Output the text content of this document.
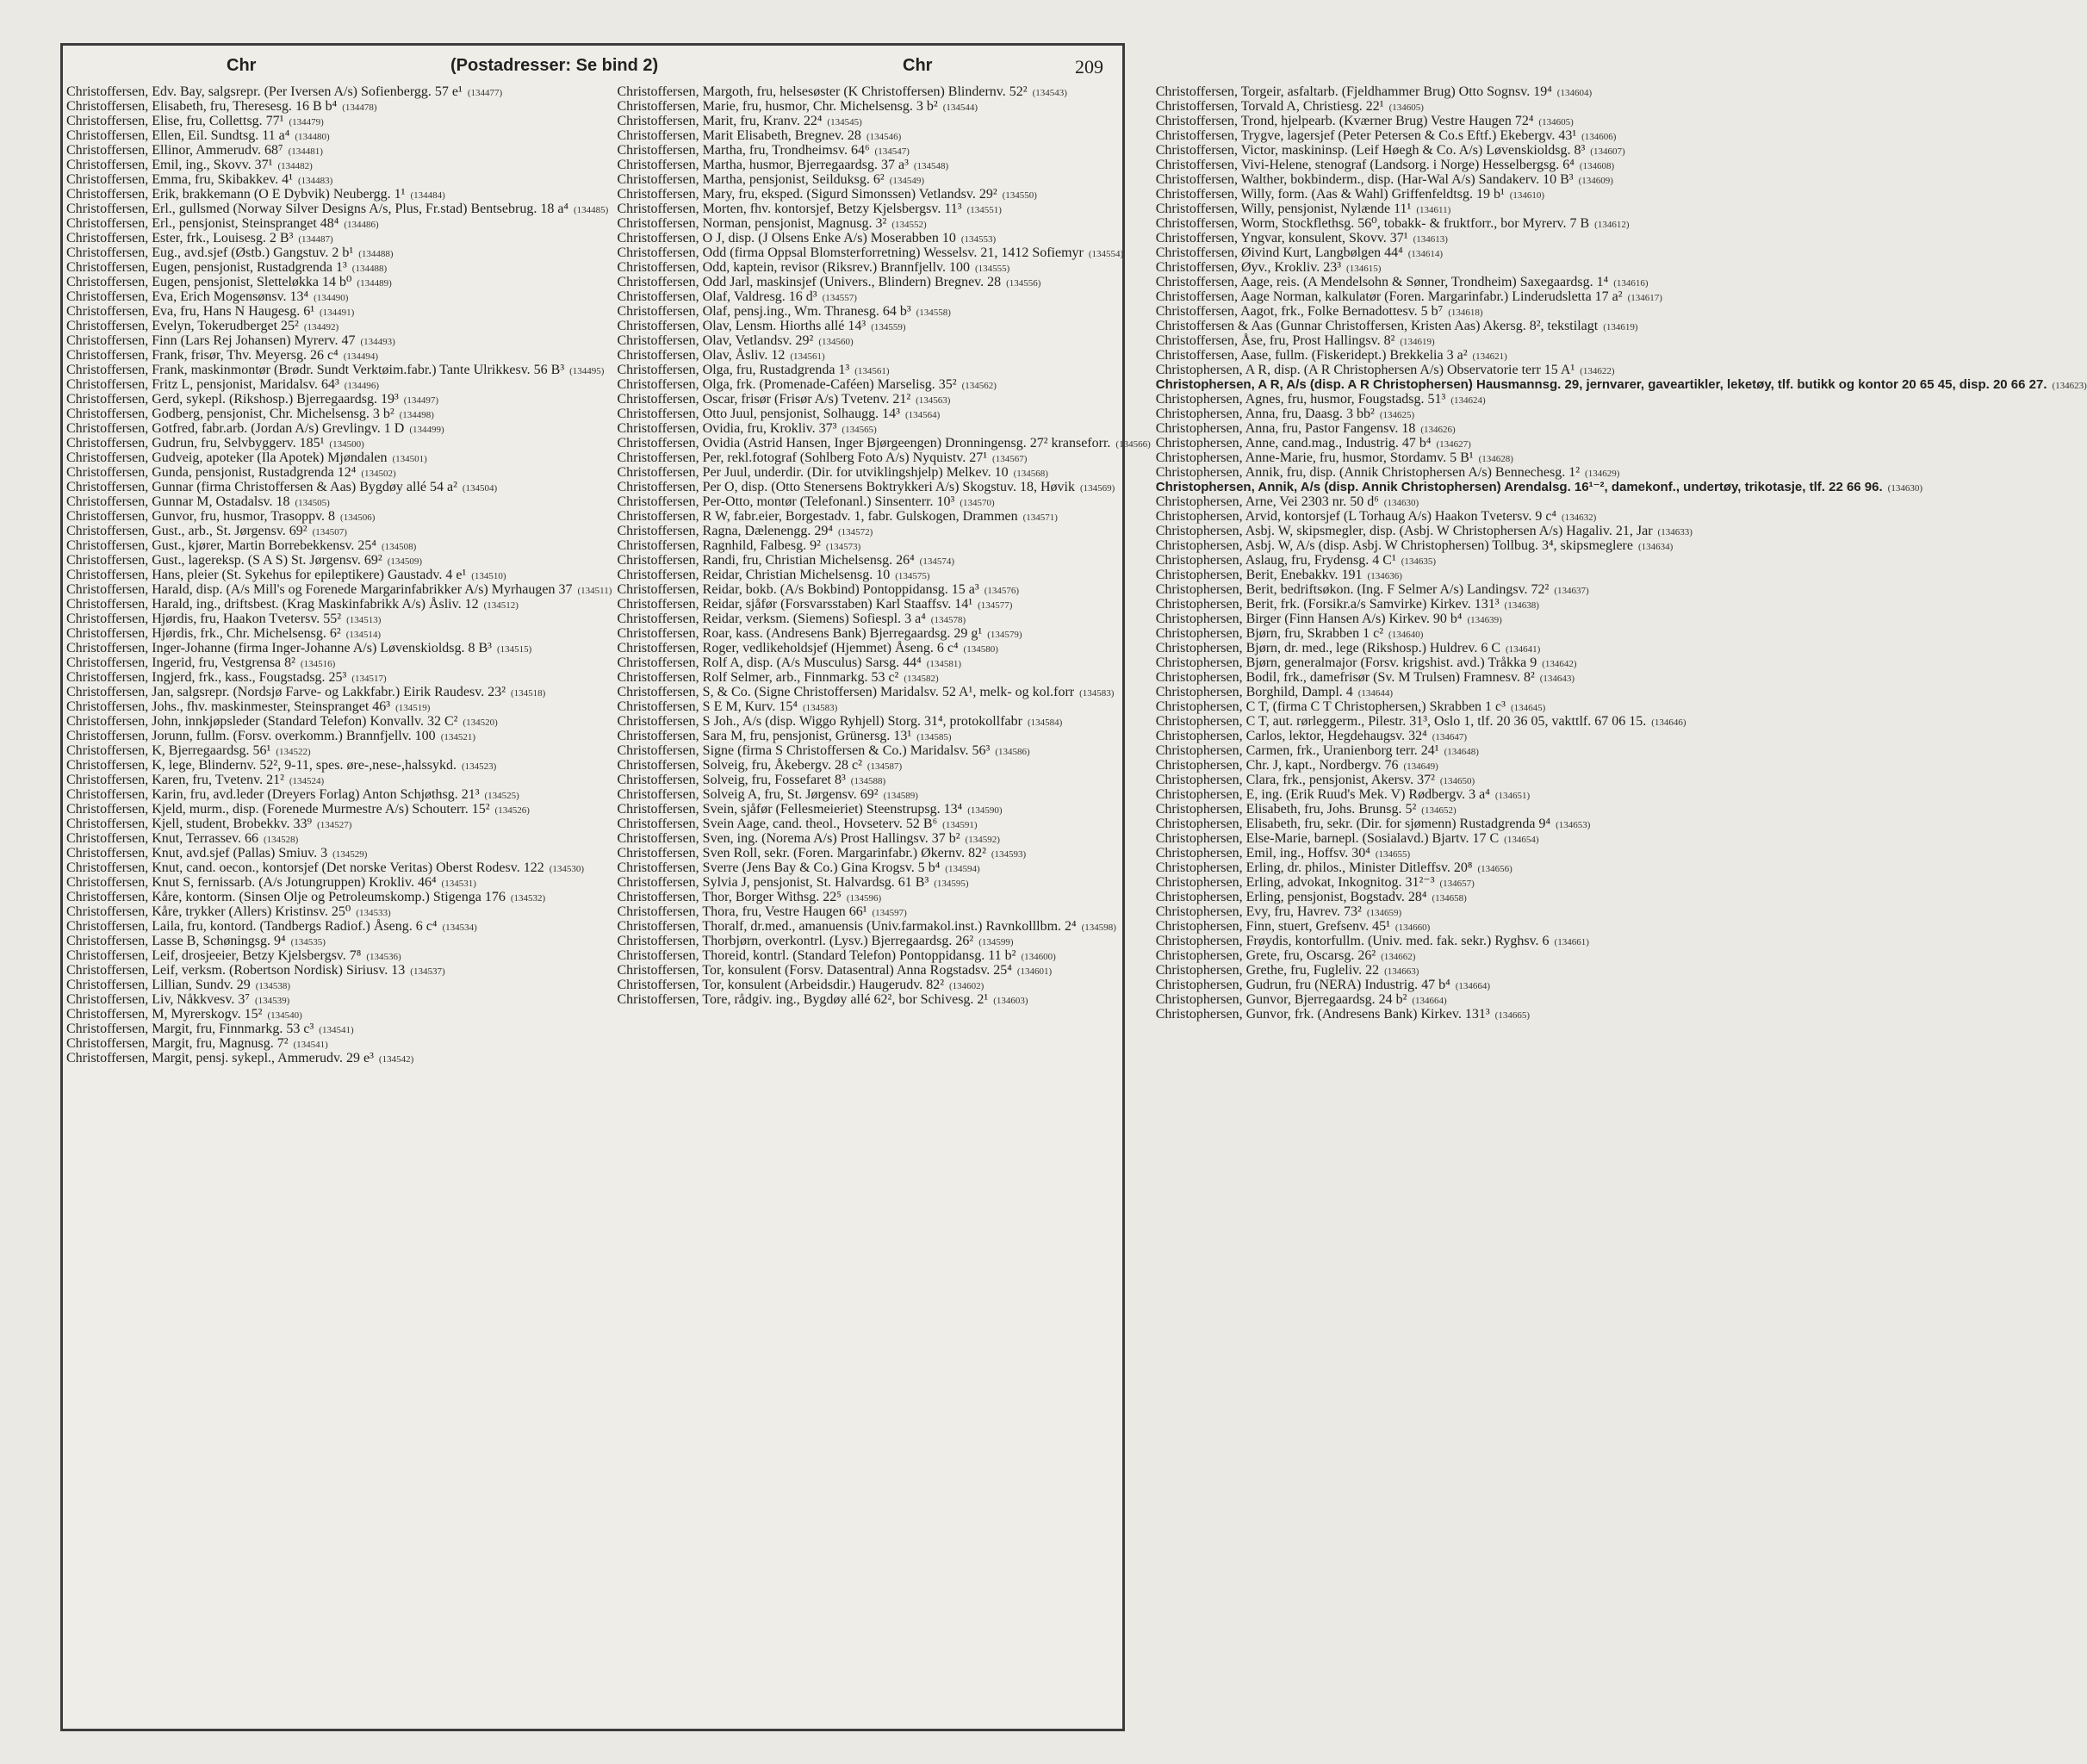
Chr	(Postadresser: Se bind 2)	Chr	209
Christoffersen, Edv. Bay, salgsrepr. (Per Iversen A/s) Sofienbergg. 57 e¹ (134477)
Christoffersen, Elisabeth, fru, Theresesg. 16 B b⁴ (134478)
Christoffersen, Elise, fru, Collettsg. 77¹ (134479)
Christoffersen, Ellen, Eil. Sundtsg. 11 a⁴ (134480)
Christoffersen, Ellinor, Ammerudv. 68⁷ (134481)
Christoffersen, Emil, ing., Skovv. 37¹ (134482)
Christoffersen, Emma, fru, Skibakkev. 4¹ (134483)
Christoffersen, Erik, brakkemann (O E Dybvik) Neubergg. 1¹ (134484)
Christoffersen, Erl., gullsmed (Norway Silver Designs A/s, Plus, Fr.stad) Bentsebrug. 18 a⁴ (134485)
Christoffersen, Erl., pensjonist, Steinspranget 48⁴ (134486)
Christoffersen, Ester, frk., Louisesg. 2 B³ (134487)
Christoffersen, Eug., avd.sjef (Østb.) Gangstuv. 2 b¹ (134488)
Christoffersen, Eugen, pensjonist, Rustadgrenda 1³ (134488)
Christoffersen, Eugen, pensjonist, Sletteløkka 14 b⁰ (134489)
Christoffersen, Eva, Erich Mogensønsv. 13⁴ (134490)
Christoffersen, Eva, fru, Hans N Haugesg. 6¹ (134491)
Christoffersen, Evelyn, Tokerudberget 25² (134492)
Christoffersen, Finn (Lars Rej Johansen) Myrerv. 47 (134493)
Christoffersen, Frank, frisør, Thv. Meyersg. 26 c⁴ (134494)
Christoffersen, Frank, maskinmontør (Brødr. Sundt Verktøim.fabr.) Tante Ulrikkesv. 56 B³ (134495)
Christoffersen, Fritz L, pensjonist, Maridalsv. 64³ (134496)
Christoffersen, Gerd, sykepl. (Rikshosp.) Bjerregaardsg. 19³ (134497)
Christoffersen, Godberg, pensjonist, Chr. Michelsensg. 3 b² (134498)
Christoffersen, Gotfred, fabr.arb. (Jordan A/s) Grevlingv. 1 D (134499)
Christoffersen, Gudrun, fru, Selvbyggerv. 185¹ (134500)
Christoffersen, Gudveig, apoteker (Ila Apotek) Mjøndalen (134501)
Christoffersen, Gunda, pensjonist, Rustadgrenda 12⁴ (134502)
Christoffersen, Gunnar (firma Christoffersen & Aas) Bygdøy allé 54 a² (134504)
Christoffersen, Gunnar M, Ostadalsv. 18 (134505)
Christoffersen, Gunvor, fru, husmor, Trasoppv. 8 (134506)
Christoffersen, Gust., arb., St. Jørgensv. 69² (134507)
Christoffersen, Gust., kjører, Martin Borrebekkensv. 25⁴ (134508)
Christoffersen, Gust., lagereksp. (S A S) St. Jørgensv. 69² (134509)
Christoffersen, Hans, pleier (St. Sykehus for epileptikere) Gaustadv. 4 e¹ (134510)
Christoffersen, Harald, disp. (A/s Mill's og Forenede Margarinfabrikker A/s) Myrhaugen 37 (134511)
Christoffersen, Harald, ing., driftsbest. (Krag Maskinfabrikk A/s) Åsliv. 12 (134512)
Christoffersen, Hjørdis, fru, Haakon Tvetersv. 55² (134513)
Christoffersen, Hjørdis, frk., Chr. Michelsensg. 6² (134514)
Christoffersen, Inger-Johanne (firma Inger-Johanne A/s) Løvenskioldsg. 8 B³ (134515)
Christoffersen, Ingerid, fru, Vestgrensa 8² (134516)
Christoffersen, Ingjerd, frk., kass., Fougstadsg. 25³ (134517)
Christoffersen, Jan, salgsrepr. (Nordsjø Farve- og Lakkfabr.) Eirik Raudesv. 23² (134518)
Christoffersen, Johs., fhv. maskinmester, Steinspranget 46³ (134519)
Christoffersen, John, innkjøpsleder (Standard Telefon) Konvallv. 32 C² (134520)
Christoffersen, Jorunn, fullm. (Forsv. overkomm.) Brannfjellv. 100 (134521)
Christoffersen, K, Bjerregaardsg. 56¹ (134522)
Christoffersen, K, lege, Blindernv. 52², 9-11, spes. øre-,nese-,halssykd. (134523)
Christoffersen, Karen, fru, Tvetenv. 21² (134524)
Christoffersen, Karin, fru, avd.leder (Dreyers Forlag) Anton Schjøthsg. 21³ (134525)
Christoffersen, Kjeld, murm., disp. (Forenede Murmestre A/s) Schouterr. 15² (134526)
Christoffersen, Kjell, student, Brobekkv. 33⁹ (134527)
Christoffersen, Knut, Terrassev. 66 (134528)
Christoffersen, Knut, avd.sjef (Pallas) Smiuv. 3 (134529)
Christoffersen, Knut, cand. oecon., kontorsjef (Det norske Veritas) Oberst Rodesv. 122 (134530)
Christoffersen, Knut S, fernissarb. (A/s Jotungruppen) Krokliv. 46⁴ (134531)
Christoffersen, Kåre, kontorm. (Sinsen Olje og Petroleumskomp.) Stigenga 176 (134532)
Christoffersen, Kåre, trykker (Allers) Kristinsv. 25⁰ (134533)
Christoffersen, Laila, fru, kontord. (Tandbergs Radiof.) Åseng. 6 c⁴ (134534)
Christoffersen, Lasse B, Schøningsg. 9⁴ (134535)
Christoffersen, Leif, drosjeeier, Betzy Kjelsbergsv. 7⁸ (134536)
Christoffersen, Leif, verksm. (Robertson Nordisk) Siriusv. 13 (134537)
Christoffersen, Lillian, Sundv. 29 (134538)
Christoffersen, Liv, Nåkkvesv. 3⁷ (134539)
Christoffersen, M, Myrerskogv. 15² (134540)
Christoffersen, Margit, fru, Finnmarkg. 53 c³ (134541)
Christoffersen, Margit, fru, Magnusg. 7² (134541)
Christoffersen, Margit, pensj. sykepl., Ammerudv. 29 e³ (134542)
Christoffersen, Margoth, fru, helsesøster (K Christoffersen) Blindernv. 52² (134543)
Christoffersen, Marie, fru, husmor, Chr. Michelsensg. 3 b² (134544)
Christoffersen, Marit, fru, Kranv. 22⁴ (134545)
Christoffersen, Marit Elisabeth, Bregnev. 28 (134546)
Christoffersen, Martha, fru, Trondheimsv. 64⁶ (134547)
Christoffersen, Martha, husmor, Bjerregaardsg. 37 a³ (134548)
Christoffersen, Martha, pensjonist, Seilduksg. 6² (134549)
Christoffersen, Mary, fru, eksped. (Sigurd Simonssen) Vetlandsv. 29² (134550)
Christoffersen, Morten, fhv. kontorsjef, Betzy Kjelsbergsv. 11³ (134551)
Christoffersen, Norman, pensjonist, Magnusg. 3² (134552)
Christoffersen, O J, disp. (J Olsens Enke A/s) Moserabben 10 (134553)
Christoffersen, Odd (firma Oppsal Blomsterforretning) Wesselsv. 21, 1412 Sofiemyr (134554)
Christoffersen, Odd, kaptein, revisor (Riksrev.) Brannfjellv. 100 (134555)
Christoffersen, Odd Jarl, maskinsjef (Univers., Blindern) Bregnev. 28 (134556)
Christoffersen, Olaf, Valdresg. 16 d³ (134557)
Christoffersen, Olaf, pensj.ing., Wm. Thranesg. 64 b³ (134558)
Christoffersen, Olav, Lensm. Hiorths allé 14³ (134559)
Christoffersen, Olav, Vetlandsv. 29² (134560)
Christoffersen, Olav, Åsliv. 12 (134561)
Christoffersen, Olga, fru, Rustadgrenda 1³ (134561)
Christoffersen, Olga, frk. (Promenade-Caféen) Marselisg. 35² (134562)
Christoffersen, Oscar, frisør (Frisør A/s) Tvetenv. 21² (134563)
Christoffersen, Otto Juul, pensjonist, Solhaugg. 14³ (134564)
Christoffersen, Ovidia, fru, Krokliv. 37³ (134565)
Christoffersen, Ovidia (Astrid Hansen, Inger Bjørgeengen) Dronningensg. 27² kranseforr. (134566)
Christoffersen, Per, rekl.fotograf (Sohlberg Foto A/s) Nyquistv. 27¹ (134567)
Christoffersen, Per Juul, underdir. (Dir. for utviklingshjelp) Melkev. 10 (134568)
Christoffersen, Per O, disp. (Otto Stenersens Boktrykkeri A/s) Skogstuv. 18, Høvik (134569)
Christoffersen, Per-Otto, montør (Telefonanl.) Sinsenterr. 10³ (134570)
Christoffersen, R W, fabr.eier, Borgestadv. 1, fabr. Gulskogen, Drammen (134571)
Christoffersen, Ragna, Dælenengg. 29⁴ (134572)
Christoffersen, Ragnhild, Falbesg. 9² (134573)
Christoffersen, Randi, fru, Christian Michelsensg. 26⁴ (134574)
Christoffersen, Reidar, Christian Michelsensg. 10 (134575)
Christoffersen, Reidar, bokb. (A/s Bokbind) Pontoppidansg. 15 a³ (134576)
Christoffersen, Reidar, sjåfør (Forsvarsstaben) Karl Staaffsv. 14¹ (134577)
Christoffersen, Reidar, verksm. (Siemens) Sofiespl. 3 a⁴ (134578)
Christoffersen, Roar, kass. (Andresens Bank) Bjerregaardsg. 29 g¹ (134579)
Christoffersen, Roger, vedlikeholdsjef (Hjemmet) Åseng. 6 c⁴ (134580)
Christoffersen, Rolf A, disp. (A/s Musculus) Sarsg. 44⁴ (134581)
Christoffersen, Rolf Selmer, arb., Finnmarkg. 53 c² (134582)
Christoffersen, S, & Co. (Signe Christoffersen) Maridalsv. 52 A¹, melk- og kol.forr (134583)
Christoffersen, S E M, Kurv. 15⁴ (134583)
Christoffersen, S Joh., A/s (disp. Wiggo Ryhjell) Storg. 31⁴, protokollfabr (134584)
Christoffersen, Sara M, fru, pensjonist, Grünersg. 13¹ (134585)
Christoffersen, Signe (firma S Christoffersen & Co.) Maridalsv. 56³ (134586)
Christoffersen, Solveig, fru, Åkebergv. 28 c² (134587)
Christoffersen, Solveig, fru, Fossefaret 8³ (134588)
Christoffersen, Solveig A, fru, St. Jørgensv. 69² (134589)
Christoffersen, Svein, sjåfør (Fellesmeieriet) Steenstrupsg. 13⁴ (134590)
Christoffersen, Svein Aage, cand. theol., Hovseterv. 52 B⁶ (134591)
Christoffersen, Sven, ing. (Norema A/s) Prost Hallingsv. 37 b² (134592)
Christoffersen, Sven Roll, sekr. (Foren. Margarinfabr.) Økernv. 82² (134593)
Christoffersen, Sverre (Jens Bay & Co.) Gina Krogsv. 5 b⁴ (134594)
Christoffersen, Sylvia J, pensjonist, St. Halvardsg. 61 B³ (134595)
Christoffersen, Thor, Borger Withsg. 22⁵ (134596)
Christoffersen, Thora, fru, Vestre Haugen 66¹ (134597)
Christoffersen, Thoralf, dr.med., amanuensis (Univ.farmakol.inst.) Ravnkolllbm. 2⁴ (134598)
Christoffersen, Thorbjørn, overkontrl. (Lysv.) Bjerregaardsg. 26² (134599)
Christoffersen, Thoreid, kontrl. (Standard Telefon) Pontoppidansg. 11 b² (134600)
Christoffersen, Tor, konsulent (Forsv. Datasentral) Anna Rogstadsv. 25⁴ (134601)
Christoffersen, Tor, konsulent (Arbeidsdir.) Haugerudv. 82² (134602)
Christoffersen, Tore, rådgiv. ing., Bygdøy allé 62², bor Schivesg. 2¹ (134603)
Christoffersen, Torgeir, asfaltarb. (Fjeldhammer Brug) Otto Sognsv. 19⁴ (134604)
Christoffersen, Torvald A, Christiesg. 22¹ (134605)
Christoffersen, Trond, hjelpearb. (Kværner Brug) Vestre Haugen 72⁴ (134605)
Christoffersen, Trygve, lagersjef (Peter Petersen & Co.s Eftf.) Ekebergv. 43¹ (134606)
Christoffersen, Victor, maskininsp. (Leif Høegh & Co. A/s) Løvenskioldsg. 8³ (134607)
Christoffersen, Vivi-Helene, stenograf (Landsorg. i Norge) Hesselbergsg. 6⁴ (134608)
Christoffersen, Walther, bokbinderm., disp. (Har-Wal A/s) Sandakerv. 10 B³ (134609)
Christoffersen, Willy, form. (Aas & Wahl) Griffenfeldtsg. 19 b¹ (134610)
Christoffersen, Willy, pensjonist, Nylænde 11¹ (134611)
Christoffersen, Worm, Stockflethsg. 56⁰, tobakk- & fruktforr., bor Myrerv. 7 B (134612)
Christoffersen, Yngvar, konsulent, Skovv. 37¹ (134613)
Christoffersen, Øivind Kurt, Langbølgen 44⁴ (134614)
Christoffersen, Øyv., Krokliv. 23³ (134615)
Christoffersen, Aage, reis. (A Mendelsohn & Sønner, Trondheim) Saxegaardsg. 1⁴ (134616)
Christoffersen, Aage Norman, kalkulatør (Foren. Margarinfabr.) Linderudsletta 17 a² (134617)
Christoffersen, Aagot, frk., Folke Bernadottesv. 5 b⁷ (134618)
Christoffersen & Aas (Gunnar Christoffersen, Kristen Aas) Akersg. 8², tekstilagt (134619)
Christoffersen, Åse, fru, Prost Hallingsv. 8² (134619)
Christoffersen, Aase, fullm. (Fiskeridept.) Brekkelia 3 a² (134621)
Christophersen, A R, disp. (A R Christophersen A/s) Observatorie terr 15 A¹ (134622)
Christophersen, A R, A/s (disp. A R Christophersen) Hausmannsg. 29, jernvarer, gaveartikler, leketøy, tlf. butikk og kontor 20 65 45, disp. 20 66 27. (134623)
Christophersen, Agnes, fru, husmor, Fougstadsg. 51³ (134624)
Christophersen, Anna, fru, Daasg. 3 bb² (134625)
Christophersen, Anna, fru, Pastor Fangensv. 18 (134626)
Christophersen, Anne, cand.mag., Industrig. 47 b⁴ (134627)
Christophersen, Anne-Marie, fru, husmor, Stordamv. 5 B¹ (134628)
Christophersen, Annik, fru, disp. (Annik Christophersen A/s) Bennechesg. 1² (134629)
Christophersen, Annik, A/s (disp. Annik Christophersen) Arendalsg. 16¹⁻², damekonf., undertøy, trikotasje, tlf. 22 66 96. (134630)
Christophersen, Arne, Vei 2303 nr. 50 d⁶ (134630)
Christophersen, Arvid, kontorsjef (L Torhaug A/s) Haakon Tvetersv. 9 c⁴ (134632)
Christophersen, Asbj. W, skipsmegler, disp. (Asbj. W Christophersen A/s) Hagaliv. 21, Jar (134633)
Christophersen, Asbj. W, A/s (disp. Asbj. W Christophersen) Tollbug. 3⁴, skipsmeglere (134634)
Christophersen, Aslaug, fru, Frydensg. 4 C¹ (134635)
Christophersen, Berit, Enebakkv. 191 (134636)
Christophersen, Berit, bedriftsøkon. (Ing. F Selmer A/s) Landingsv. 72² (134637)
Christophersen, Berit, frk. (Forsikr.a/s Samvirke) Kirkev. 131³ (134638)
Christophersen, Birger (Finn Hansen A/s) Kirkev. 90 b⁴ (134639)
Christophersen, Bjørn, fru, Skrabben 1 c² (134640)
Christophersen, Bjørn, dr. med., lege (Rikshosp.) Huldrev. 6 C (134641)
Christophersen, Bjørn, generalmajor (Forsv. krigshist. avd.) Tråkka 9 (134642)
Christophersen, Bodil, frk., damefrisør (Sv. M Trulsen) Framnesv. 8² (134643)
Christophersen, Borghild, Dampl. 4 (134644)
Christophersen, C T, (firma C T Christophersen,) Skrabben 1 c³ (134645)
Christophersen, C T, aut. rørleggerm., Pilestr. 31³, Oslo 1, tlf. 20 36 05, vakttlf. 67 06 15. (134646)
Christophersen, Carlos, lektor, Hegdehaugsv. 32⁴ (134647)
Christophersen, Carmen, frk., Uranienborg terr. 24¹ (134648)
Christophersen, Chr. J, kapt., Nordbergv. 76 (134649)
Christophersen, Clara, frk., pensjonist, Akersv. 37² (134650)
Christophersen, E, ing. (Erik Ruud's Mek. V) Rødbergv. 3 a⁴ (134651)
Christophersen, Elisabeth, fru, Johs. Brunsg. 5² (134652)
Christophersen, Elisabeth, fru, sekr. (Dir. for sjømenn) Rustadgrenda 9⁴ (134653)
Christophersen, Else-Marie, barnepl. (Sosialavd.) Bjartv. 17 C (134654)
Christophersen, Emil, ing., Hoffsv. 30⁴ (134655)
Christophersen, Erling, dr. philos., Minister Ditleffsv. 20⁸ (134656)
Christophersen, Erling, advokat, Inkognitog. 31²⁻³ (134657)
Christophersen, Erling, pensjonist, Bogstadv. 28⁴ (134658)
Christophersen, Evy, fru, Havrev. 73² (134659)
Christophersen, Finn, stuert, Grefsenv. 45¹ (134660)
Christophersen, Frøydis, kontorfullm. (Univ. med. fak. sekr.) Ryghsv. 6 (134661)
Christophersen, Grete, fru, Oscarsg. 26² (134662)
Christophersen, Grethe, fru, Fugleliv. 22 (134663)
Christophersen, Gudrun, fru (NERA) Industrig. 47 b⁴ (134664)
Christophersen, Gunvor, Bjerregaardsg. 24 b² (134664)
Christophersen, Gunvor, frk. (Andresens Bank) Kirkev. 131³ (134665)
